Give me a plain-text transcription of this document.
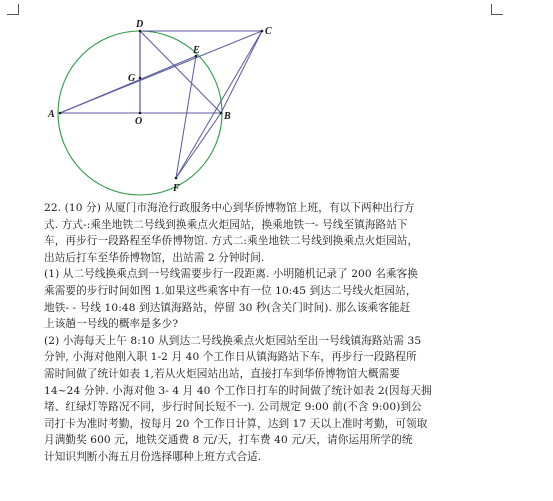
A	B
C
D
E
F
G
O
22. (10 分) 从厦门市海沧行政服务中心到华侨博物馆上班，有以下两种出行方
式. 方式-:乘坐地铁二号线到换乘点火炬园站，换乘地铁一- 号线至镇海路站下
车，再步行一段路程至华侨博物馆. 方式二:乘坐地铁二号线到换乘点火炬园站，
出站后打车至华侨博物馆，出站需 2 分钟时间.
(1) 从二号线换乘点到一号线需要步行一段距离. 小明随机记录了 200 名乘客换
乘需要的步行时间如图 1.如果这些乘客中有一位 10:45 到达二号线火炬园站，
地铁- - 号线 10:48 到达镇海路站，停留 30 秒(含关门时间). 那么该乘客能赶
上该趟一号线的概率是多少?
(2) 小海每天上午 8:10 从到达二号线换乘点火炬园站至出一号线镇海路站需 35
分钟, 小海对他刚入职 1-2 月 40 个工作日从镇海路站下车，再步行一段路程所
需时间做了统计如表 1,若从火炬园站出站，直接打车到华侨博物馆大概需要
14~24 分钟. 小海对他 3- 4 月 40 个工作日打车的时间做了统计如表 2(因每天拥
堵、红绿灯等路况不同，步行时间长短不一). 公司规定 9:00 前(不含 9:00)到公
司打卡为准时考勤，按每月 20 个工作日计算，达到 17 天以上准时考勤，可领取
月满勤奖 600 元，地铁交通费 8 元/天，打车费 40 元/天，请你运用所学的统
计知识判断小海五月份选择哪种上班方式合适.
